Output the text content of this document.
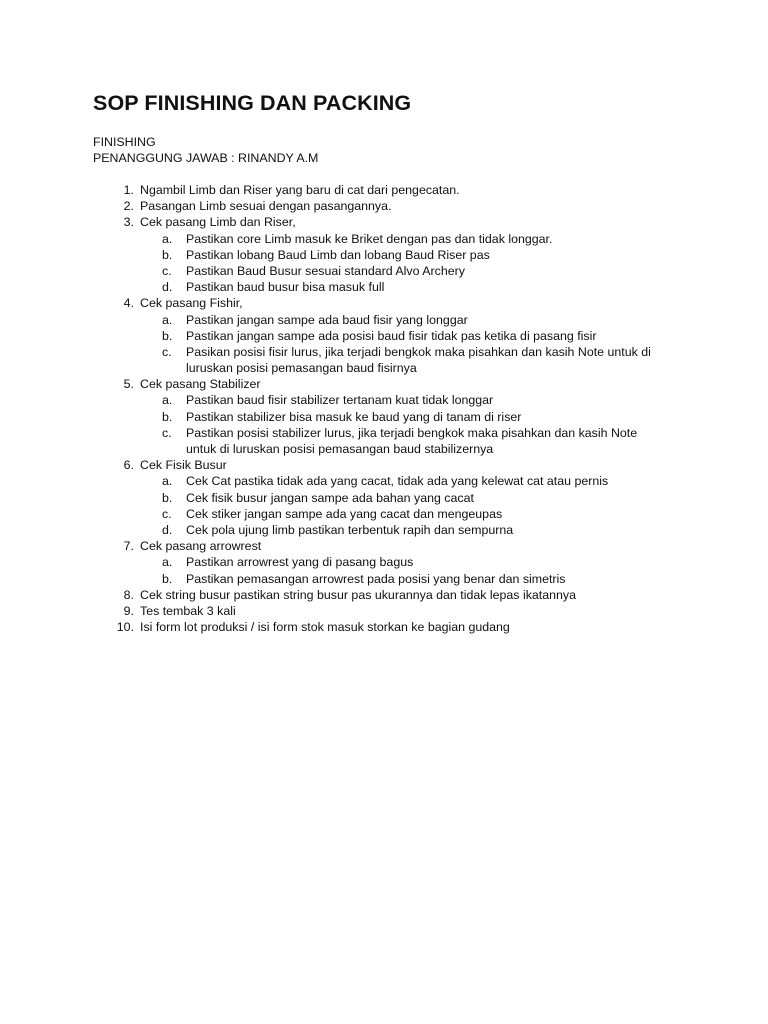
SOP FINISHING DAN PACKING
FINISHING
PENANGGUNG JAWAB : RINANDY A.M
1. Ngambil Limb dan Riser yang baru di cat dari pengecatan.
2. Pasangan Limb sesuai dengan pasangannya.
3. Cek pasang Limb dan Riser,
a. Pastikan core Limb masuk ke Briket dengan pas dan tidak longgar.
b. Pastikan lobang Baud Limb dan lobang Baud Riser pas
c.	Pastikan Baud Busur sesuai standard Alvo Archery
d. Pastikan baud busur bisa masuk full
4. Cek pasang Fishir,
a. Pastikan jangan sampe ada baud fisir yang longgar
b. Pastikan jangan sampe ada posisi baud fisir tidak pas ketika di pasang fisir
c.	Pasikan posisi fisir lurus, jika terjadi bengkok maka pisahkan dan kasih Note untuk di
luruskan posisi pemasangan baud fisirnya
5. Cek pasang Stabilizer
a. Pastikan baud fisir stabilizer tertanam kuat tidak longgar
b. Pastikan stabilizer bisa masuk ke baud yang di tanam di riser
c.	Pastikan posisi stabilizer lurus, jika terjadi bengkok maka pisahkan dan kasih Note
untuk di luruskan posisi pemasangan baud stabilizernya
6. Cek Fisik Busur
a. Cek Cat pastika tidak ada yang cacat, tidak ada yang kelewat cat atau pernis
b. Cek fisik busur jangan sampe ada bahan yang cacat
c.	Cek stiker jangan sampe ada yang cacat dan mengeupas
d. Cek pola ujung limb pastikan terbentuk rapih dan sempurna
7. Cek pasang arrowrest
a. Pastikan arrowrest yang di pasang bagus
b. Pastikan pemasangan arrowrest pada posisi yang benar dan simetris
8. Cek string busur pastikan string busur pas ukurannya dan tidak lepas ikatannya
9. Tes tembak 3 kali
10. Isi form lot produksi / isi form stok masuk storkan ke bagian gudang
